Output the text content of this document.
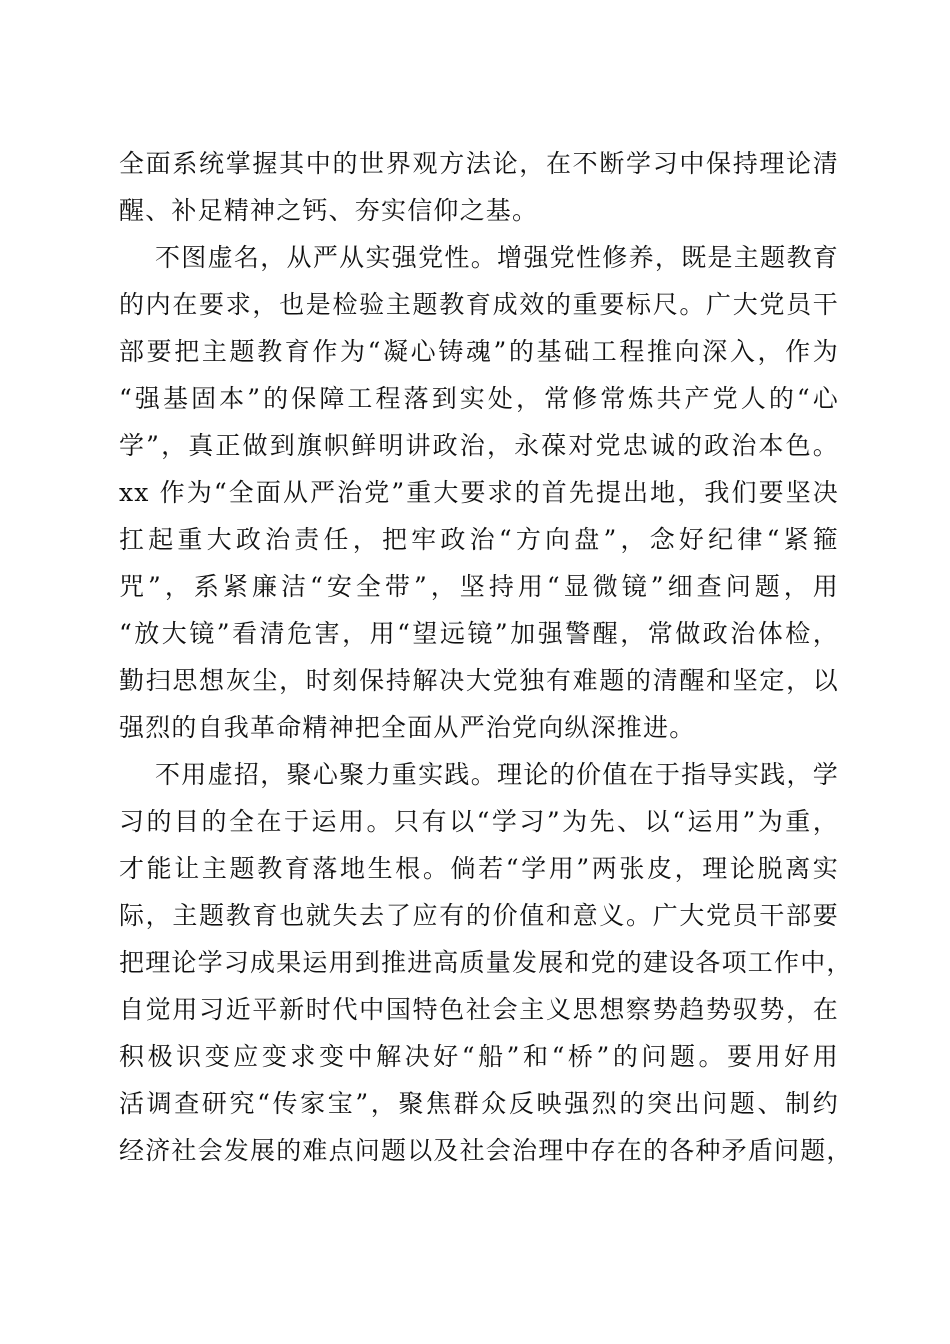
全面系统掌握其中的世界观方法论，在不断学习中保持理论清
醒、补足精神之钙、夯实信仰之基。
不图虚名，从严从实强党性。增强党性修养，既是主题教育
的内在要求，也是检验主题教育成效的重要标尺。广大党员干
部要把主题教育作为“凝心铸魂”的基础工程推向深入，作为
“强基固本”的保障工程落到实处，常修常炼共产党人的“心
学”，真正做到旗帜鲜明讲政治，永葆对党忠诚的政治本色。
xx 作为“全面从严治党”重大要求的首先提出地，我们要坚决
扛起重大政治责任，把牢政治“方向盘”，念好纪律“紧箍
咒”，系紧廉洁“安全带”，坚持用“显微镜”细查问题，用
“放大镜”看清危害，用“望远镜”加强警醒，常做政治体检，
勤扫思想灰尘，时刻保持解决大党独有难题的清醒和坚定，以
强烈的自我革命精神把全面从严治党向纵深推进。
不用虚招，聚心聚力重实践。理论的价值在于指导实践，学
习的目的全在于运用。只有以“学习”为先、以“运用”为重，
才能让主题教育落地生根。倘若“学用”两张皮，理论脱离实
际，主题教育也就失去了应有的价值和意义。广大党员干部要
把理论学习成果运用到推进高质量发展和党的建设各项工作中，
自觉用习近平新时代中国特色社会主义思想察势趋势驭势，在
积极识变应变求变中解决好“船”和“桥”的问题。要用好用
活调查研究“传家宝”，聚焦群众反映强烈的突出问题、制约
经济社会发展的难点问题以及社会治理中存在的各种矛盾问题，
